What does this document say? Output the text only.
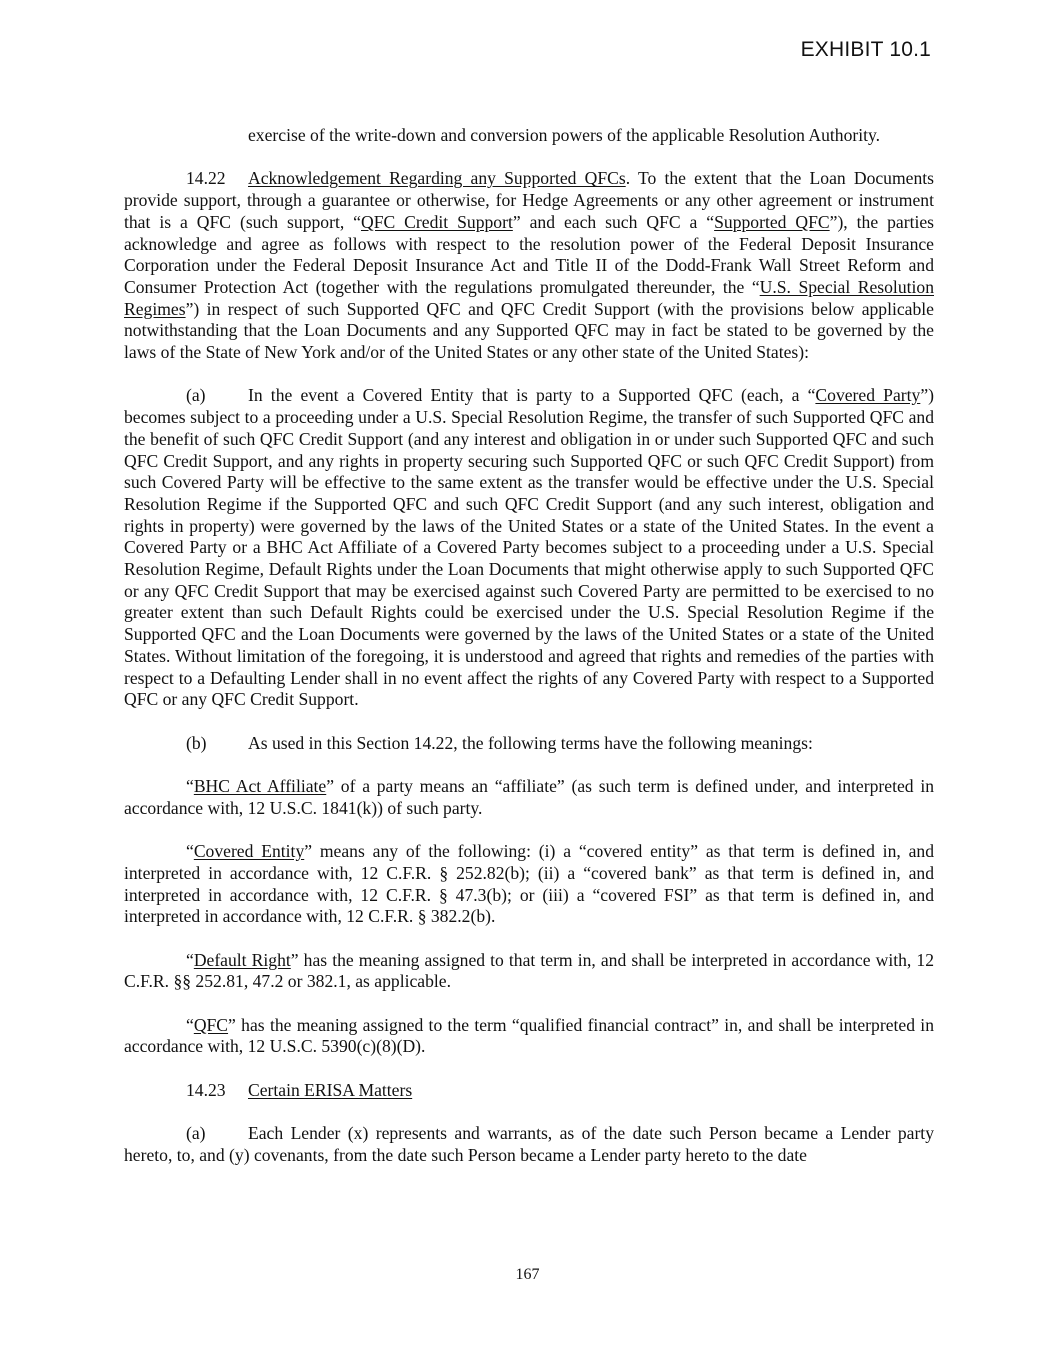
EXHIBIT 10.1

exercise of the write-down and conversion powers of the applicable Resolution Authority.

14.22 Acknowledgement Regarding any Supported QFCs. To the extent that the Loan Documents provide support, through a guarantee or otherwise, for Hedge Agreements or any other agreement or instrument that is a QFC (such support, “QFC Credit Support” and each such QFC a “Supported QFC”), the parties acknowledge and agree as follows with respect to the resolution power of the Federal Deposit Insurance Corporation under the Federal Deposit Insurance Act and Title II of the Dodd-Frank Wall Street Reform and Consumer Protection Act (together with the regulations promulgated thereunder, the “U.S. Special Resolution Regimes”) in respect of such Supported QFC and QFC Credit Support (with the provisions below applicable notwithstanding that the Loan Documents and any Supported QFC may in fact be stated to be governed by the laws of the State of New York and/or of the United States or any other state of the United States):

(a) In the event a Covered Entity that is party to a Supported QFC (each, a “Covered Party”) becomes subject to a proceeding under a U.S. Special Resolution Regime, the transfer of such Supported QFC and the benefit of such QFC Credit Support (and any interest and obligation in or under such Supported QFC and such QFC Credit Support, and any rights in property securing such Supported QFC or such QFC Credit Support) from such Covered Party will be effective to the same extent as the transfer would be effective under the U.S. Special Resolution Regime if the Supported QFC and such QFC Credit Support (and any such interest, obligation and rights in property) were governed by the laws of the United States or a state of the United States. In the event a Covered Party or a BHC Act Affiliate of a Covered Party becomes subject to a proceeding under a U.S. Special Resolution Regime, Default Rights under the Loan Documents that might otherwise apply to such Supported QFC or any QFC Credit Support that may be exercised against such Covered Party are permitted to be exercised to no greater extent than such Default Rights could be exercised under the U.S. Special Resolution Regime if the Supported QFC and the Loan Documents were governed by the laws of the United States or a state of the United States. Without limitation of the foregoing, it is understood and agreed that rights and remedies of the parties with respect to a Defaulting Lender shall in no event affect the rights of any Covered Party with respect to a Supported QFC or any QFC Credit Support.

(b) As used in this Section 14.22, the following terms have the following meanings:

“BHC Act Affiliate” of a party means an “affiliate” (as such term is defined under, and interpreted in accordance with, 12 U.S.C. 1841(k)) of such party.

“Covered Entity” means any of the following: (i) a “covered entity” as that term is defined in, and interpreted in accordance with, 12 C.F.R. § 252.82(b); (ii) a “covered bank” as that term is defined in, and interpreted in accordance with, 12 C.F.R. § 47.3(b); or (iii) a “covered FSI” as that term is defined in, and interpreted in accordance with, 12 C.F.R. § 382.2(b).

“Default Right” has the meaning assigned to that term in, and shall be interpreted in accordance with, 12 C.F.R. §§ 252.81, 47.2 or 382.1, as applicable.

“QFC” has the meaning assigned to the term “qualified financial contract” in, and shall be interpreted in accordance with, 12 U.S.C. 5390(c)(8)(D).

14.23 Certain ERISA Matters

(a) Each Lender (x) represents and warrants, as of the date such Person became a Lender party hereto, to, and (y) covenants, from the date such Person became a Lender party hereto to the date

167
